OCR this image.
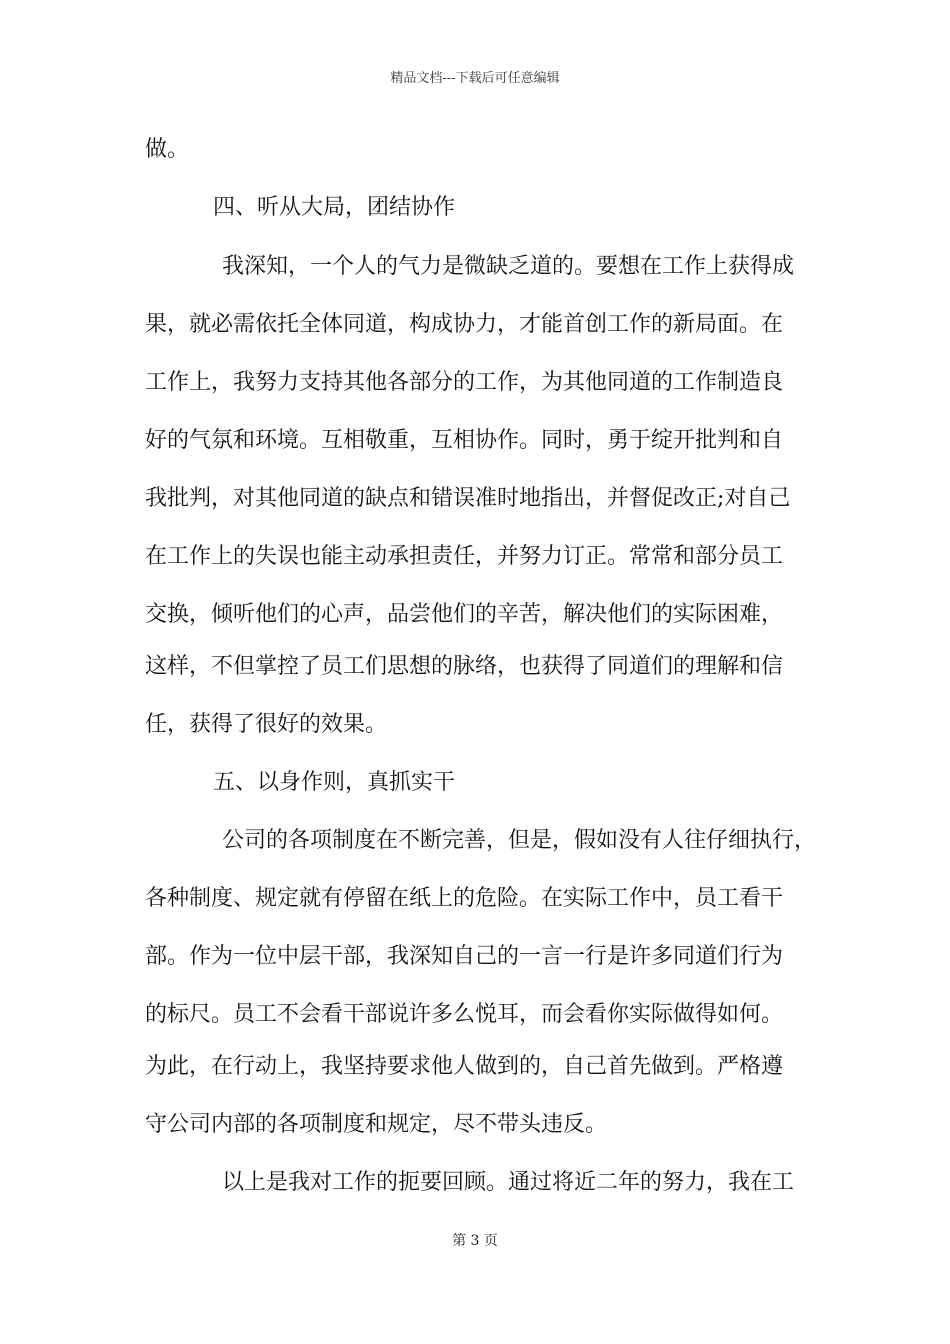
精品文档---下载后可任意编辑
做。
四、听从大局，团结协作
我深知，一个人的气力是微缺乏道的。要想在工作上获得成
果，就必需依托全体同道，构成协力，才能首创工作的新局面。在
工作上，我努力支持其他各部分的工作，为其他同道的工作制造良
好的气氛和环境。互相敬重，互相协作。同时，勇于绽开批判和自
我批判，对其他同道的缺点和错误准时地指出，并督促改正;对自己
在工作上的失误也能主动承担责任，并努力订正。常常和部分员工
交换，倾听他们的心声，品尝他们的辛苦，解决他们的实际困难，
这样，不但掌控了员工们思想的脉络，也获得了同道们的理解和信
任，获得了很好的效果。
五、以身作则，真抓实干
公司的各项制度在不断完善，但是，假如没有人往仔细执行，
各种制度、规定就有停留在纸上的危险。在实际工作中，员工看干
部。作为一位中层干部，我深知自己的一言一行是许多同道们行为
的标尺。员工不会看干部说许多么悦耳，而会看你实际做得如何。
为此，在行动上，我坚持要求他人做到的，自己首先做到。严格遵
守公司内部的各项制度和规定，尽不带头违反。
以上是我对工作的扼要回顾。通过将近二年的努力，我在工
第 3 页
